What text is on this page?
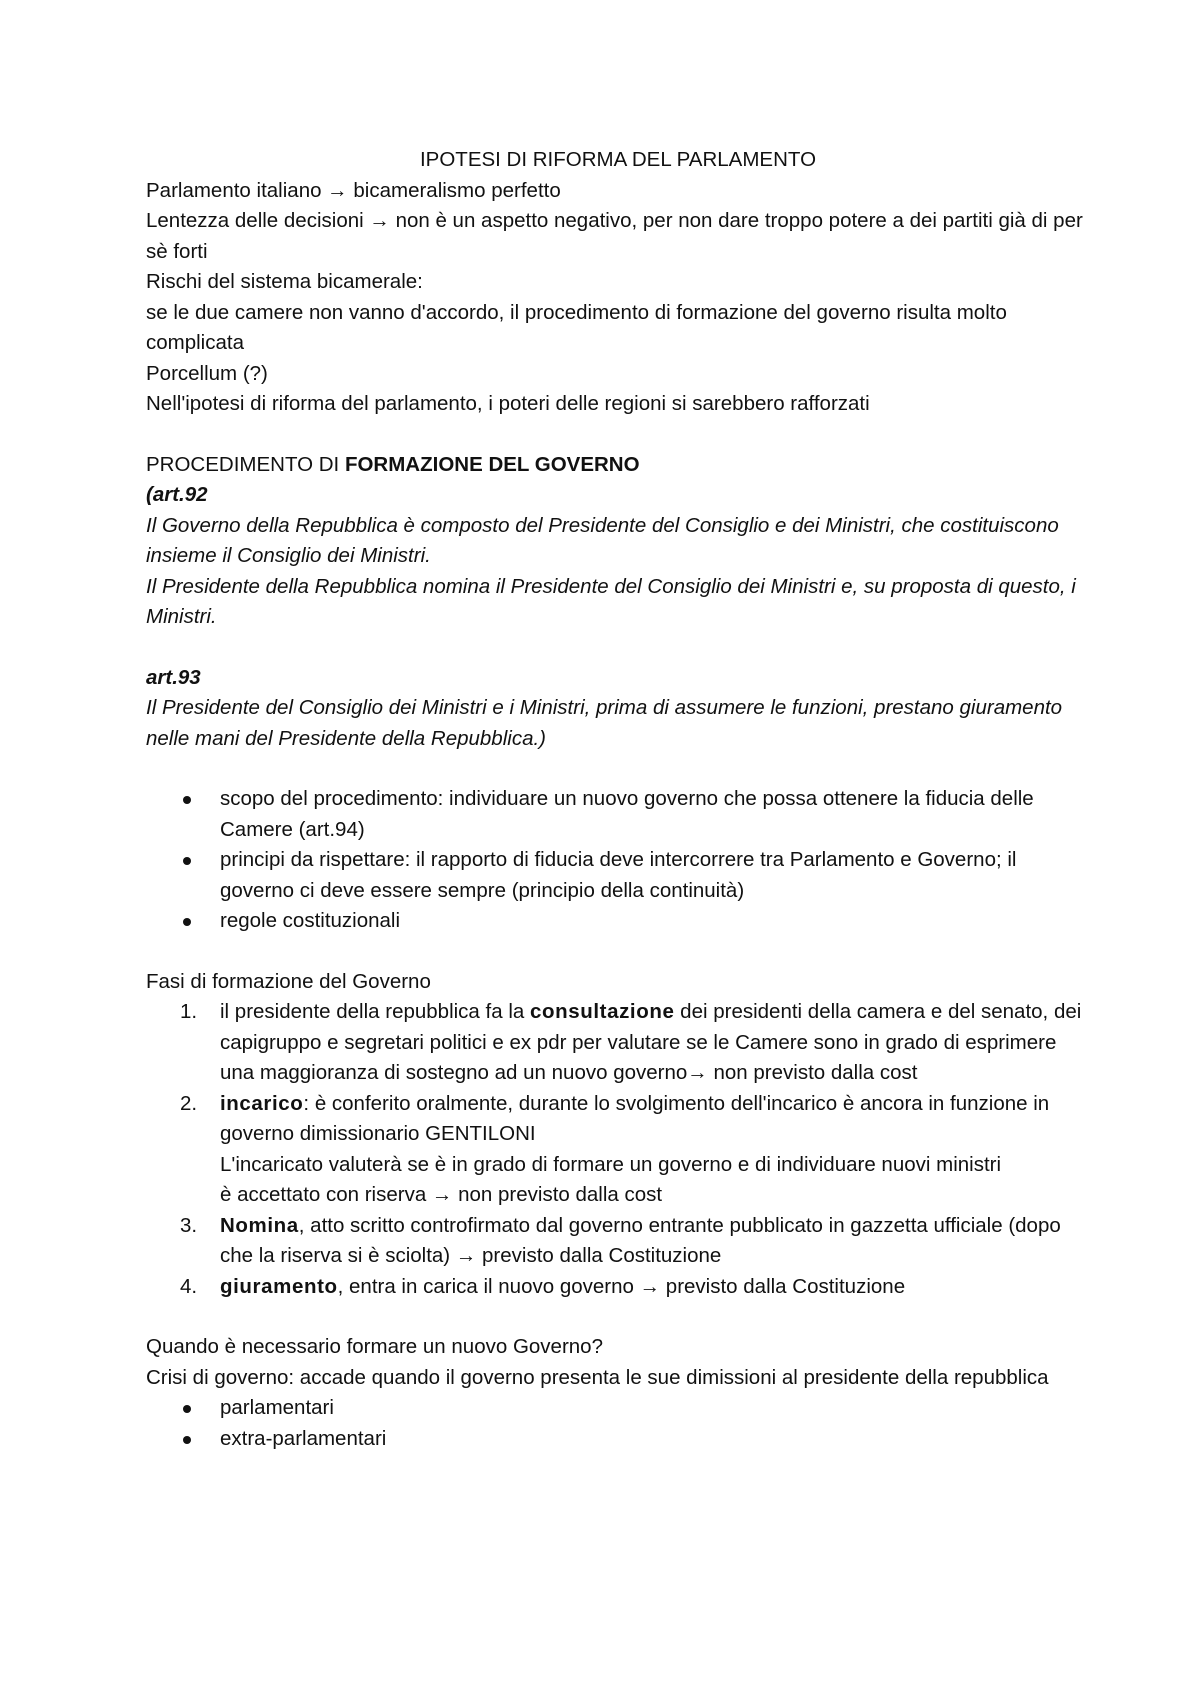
IPOTESI DI RIFORMA DEL PARLAMENTO

Parlamento italiano → bicameralismo perfetto

Lentezza delle decisioni → non è un aspetto negativo, per non dare troppo potere a dei partiti già di per sè forti

Rischi del sistema bicamerale:

se le due camere non vanno d'accordo, il procedimento di formazione del governo risulta molto complicata

Porcellum (?)

Nell'ipotesi di riforma del parlamento, i poteri delle regioni si sarebbero rafforzati

PROCEDIMENTO DI FORMAZIONE DEL GOVERNO

(art.92

Il Governo della Repubblica è composto del Presidente del Consiglio e dei Ministri, che costituiscono insieme il Consiglio dei Ministri.

Il Presidente della Repubblica nomina il Presidente del Consiglio dei Ministri e, su proposta di questo, i Ministri.

art.93

Il Presidente del Consiglio dei Ministri e i Ministri, prima di assumere le funzioni, prestano giuramento nelle mani del Presidente della Repubblica.)

scopo del procedimento: individuare un nuovo governo che possa ottenere la fiducia delle Camere (art.94)
principi da rispettare: il rapporto di fiducia deve intercorrere tra Parlamento e Governo; il governo ci deve essere sempre (principio della continuità)
regole costituzionali

Fasi di formazione del Governo

1. il presidente della repubblica fa la consultazione dei presidenti della camera e del senato, dei capigruppo e segretari politici e ex pdr per valutare se le Camere sono in grado di esprimere una maggioranza di sostegno ad un nuovo governo→ non previsto dalla cost
2. incarico: è conferito oralmente, durante lo svolgimento dell'incarico è ancora in funzione in governo dimissionario GENTILONI
L'incaricato valuterà se è in grado di formare un governo e di individuare nuovi ministri
è accettato con riserva → non previsto dalla cost
3. Nomina, atto scritto controfirmato dal governo entrante pubblicato in gazzetta ufficiale (dopo che la riserva si è sciolta) → previsto dalla Costituzione
4. giuramento, entra in carica il nuovo governo → previsto dalla Costituzione

Quando è necessario formare un nuovo Governo?

Crisi di governo: accade quando il governo presenta le sue dimissioni al presidente della repubblica

parlamentari
extra-parlamentari
